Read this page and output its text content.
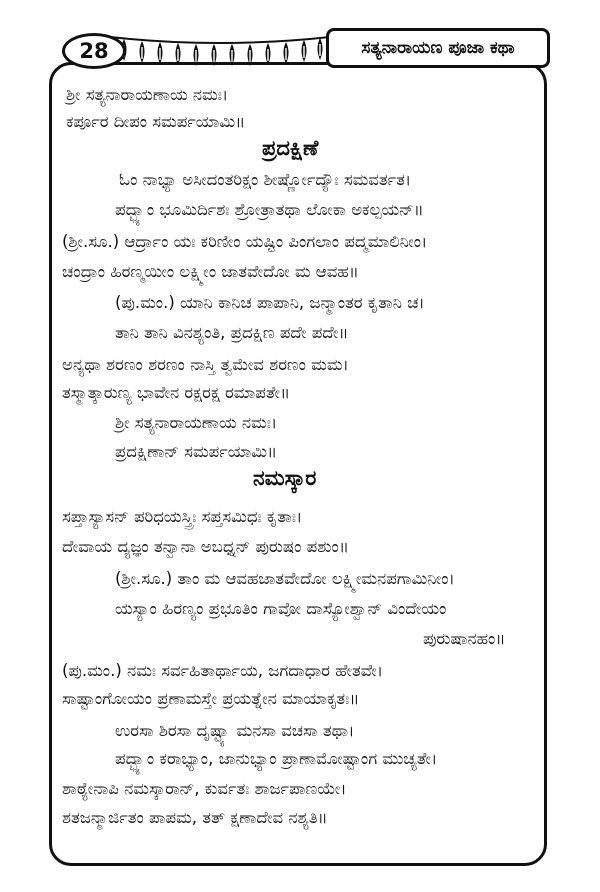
28	ಸತ್ಯನಾರಾಯಣ ಪೂಜಾ ಕಥಾ
ಶ್ರೀ ಸತ್ಯನಾರಾಯಣಾಯ ನಮಃ।
ಕರ್ಪೂರ ದೀಪಂ ಸಮರ್ಪಯಾಮಿ॥
ಪ್ರದಕ್ಷಿಣೆ
ಓಂ ನಾಭ್ಯಾ ಅಸೀದಂತರಿಕ್ಷಂ ಶೀರ್ಷ್ಣೋದ್ಯೌಃ ಸಮವರ್ತತ।
ಪದ್ಭ್ಯಾಂ ಭೂಮಿರ್ದಿಶಃ ಶ್ರೋತ್ರಾತಥಾ ಲೋಕಾ ಅಕಲ್ಪಯನ್॥
(ಶ್ರೀ.ಸೂ.) ಆರ್ದ್ರಾಂ ಯಃ ಕರಿಣೀಂ ಯಷ್ಟಿಂ ಪಿಂಗಲಾಂ ಪದ್ಮಮಾಲಿನೀಂ।
ಚಂದ್ರಾಂ ಹಿರಣ್ಮಯೀಂ ಲಕ್ಷ್ಮೀಂ ಜಾತವೇದೋ ಮ ಆವಹ॥
(ಪು.ಮಂ.) ಯಾನಿ ಕಾನಿಚ ಪಾಪಾನಿ, ಜನ್ಮಾಂತರ ಕೃತಾನಿ ಚ।
ತಾನಿ ತಾನಿ ವಿನಶ್ಯಂತಿ, ಪ್ರದಕ್ಷಿಣ ಪದೇ ಪದೇ॥
ಅನ್ಯಥಾ ಶರಣಂ ಶರಣಂ ನಾಸ್ತಿ ತ್ವಮೇವ ಶರಣಂ ಮಮ।
ತಸ್ಮಾತ್ಕಾರುಣ್ಯ ಭಾವೇನ ರಕ್ಷರಕ್ಷ ರಮಾಪತೇ॥
ಶ್ರೀ ಸತ್ಯನಾರಾಯಣಾಯ ನಮಃ।
ಪ್ರದಕ್ಷಿಣಾನ್ ಸಮರ್ಪಯಾಮಿ॥
ನಮಸ್ಕಾರ
ಸಪ್ತಾಸ್ಯಾಸನ್ ಪರಿಧಯಸ್ತ್ರಿಃ ಸಪ್ತಸಮಿಧಃ ಕೃತಾಃ।
ದೇವಾಯ ದ್ಯಜ್ಞಂ ತನ್ವಾನಾ ಅಬಧ್ನನ್ ಪುರುಷಂ ಪಶುಂ॥
(ಶ್ರೀ.ಸೂ.) ತಾಂ ಮ ಆವಹಜಾತವೇದೋ ಲಕ್ಷ್ಮೀಮನಪಗಾಮಿನೀಂ।
ಯಸ್ಯಾಂ ಹಿರಣ್ಯಂ ಪ್ರಭೂತಿಂ ಗಾವೋ ದಾಸ್ಯೋಶ್ವಾನ್ ವಿಂದೇಯಂ
ಪುರುಷಾನಹಂ॥
(ಪು.ಮಂ.) ನಮಃ ಸರ್ವಹಿತಾರ್ಥಾಯ, ಜಗದಾಧಾರ ಹೇತವೇ।
ಸಾಷ್ಟಾಂಗೋಯಂ ಪ್ರಣಾಮಸ್ತೇ ಪ್ರಯತ್ನೇನ ಮಾಯಾಕೃತಃ॥
ಉರಸಾ ಶಿರಸಾ ದೃಷ್ಟ್ಯಾ ಮನಸಾ ವಚಸಾ ತಥಾ।
ಪದ್ಭ್ಯಾಂ ಕರಾಭ್ಯಾಂ, ಜಾನುಭ್ಯಾಂ ಪ್ರಾಣಾಮೋಷ್ಟಾಂಗ ಮುಚ್ಯತೇ।
ಶಾಠ್ಯೇನಾಪಿ ನಮಸ್ಕಾರಾನ್, ಕುರ್ವತಃ ಶಾರ್ಜಪಾಣಯೇ।
ಶತಜನ್ಮಾರ್ಜಿತಂ ಪಾಪಮ, ತತ್ ಕ್ಷಣಾದೇವ ನಶ್ಯತಿ॥
